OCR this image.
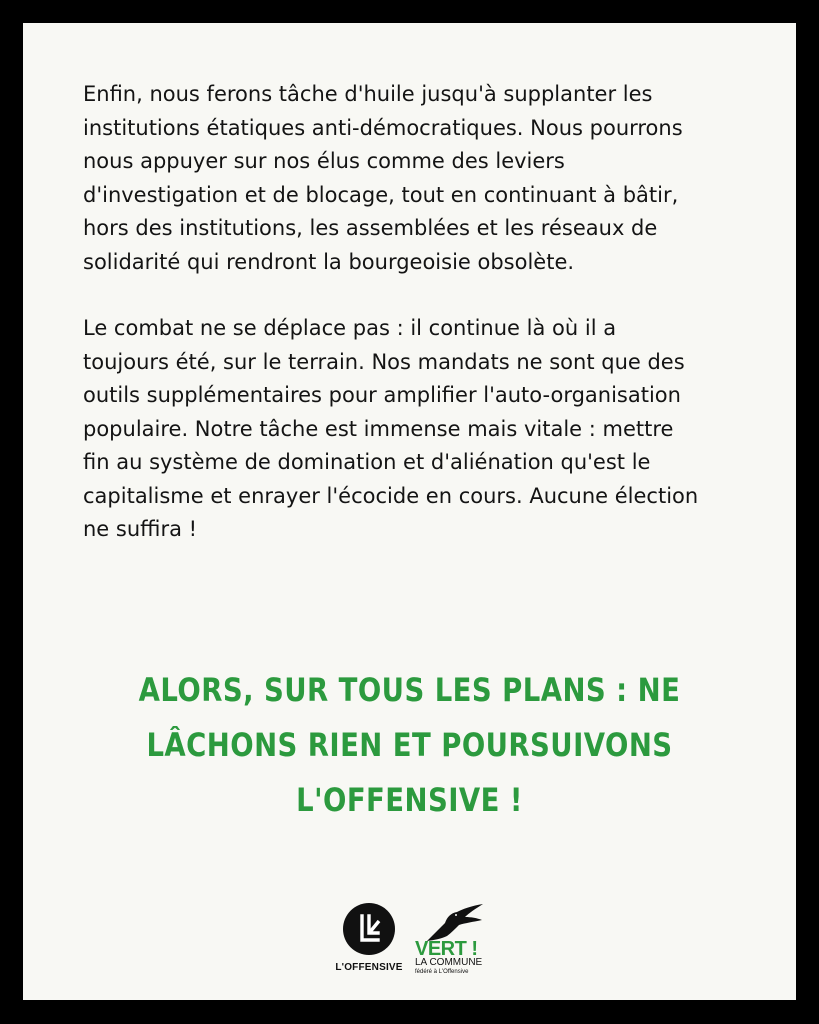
Enfin, nous ferons tâche d'huile jusqu'à supplanter les
institutions étatiques anti-démocratiques. Nous pourrons
nous appuyer sur nos élus comme des leviers
d'investigation et de blocage, tout en continuant à bâtir,
hors des institutions, les assemblées et les réseaux de
solidarité qui rendront la bourgeoisie obsolète.

Le combat ne se déplace pas : il continue là où il a
toujours été, sur le terrain. Nos mandats ne sont que des
outils supplémentaires pour amplifier l'auto-organisation
populaire. Notre tâche est immense mais vitale : mettre
fin au système de domination et d'aliénation qu'est le
capitalisme et enrayer l'écocide en cours. Aucune élection
ne suffira !

ALORS, SUR TOUS LES PLANS : NE
LÂCHONS RIEN ET POURSUIVONS
L'OFFENSIVE !
L'OFFENSIVE
VERT !
LA COMMUNE
fédéré à L'Offensive
